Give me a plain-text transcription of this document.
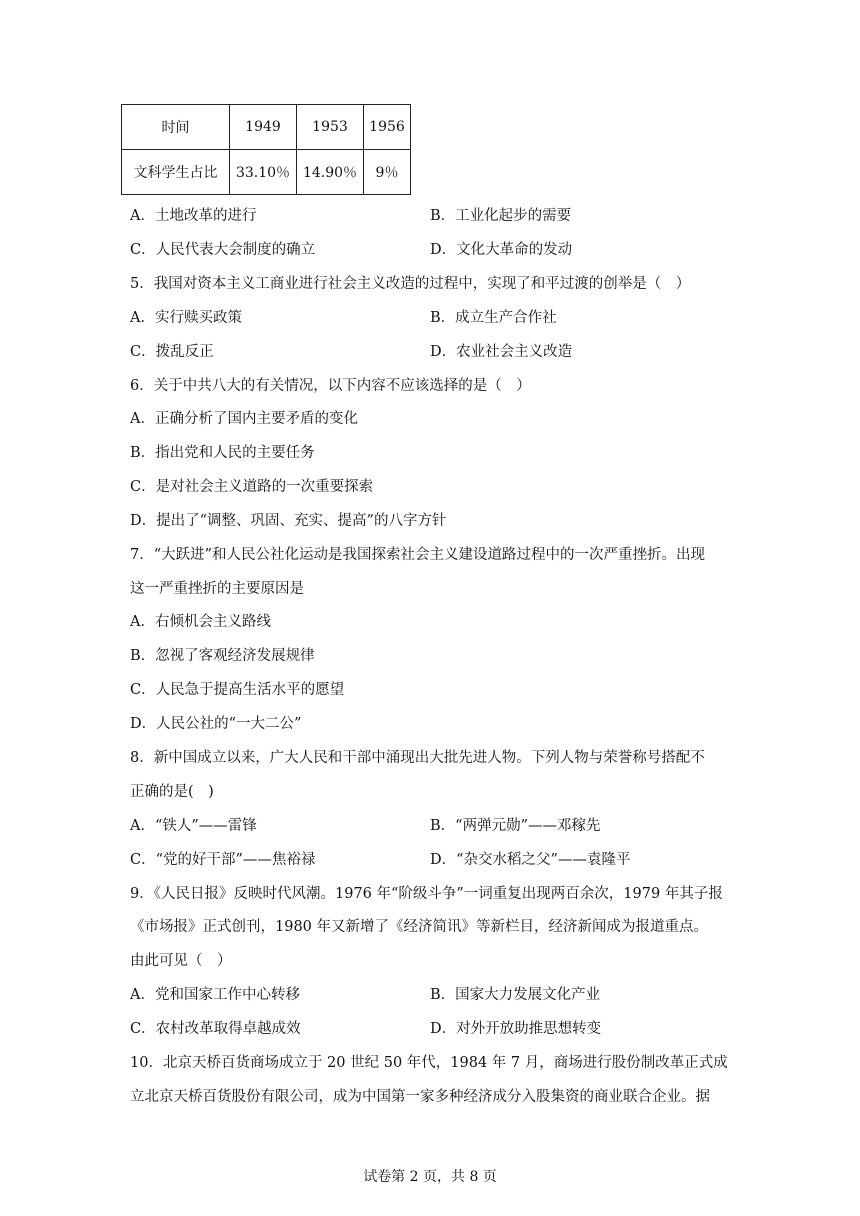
时间	1949	1953	1956
文科学生占比	33.10％	14.90％	9％
A．土地改革的进行	B．工业化起步的需要
C．人民代表大会制度的确立	D．文化大革命的发动
5．我国对资本主义工商业进行社会主义改造的过程中，实现了和平过渡的创举是（　）
A．实行赎买政策	B．成立生产合作社
C．拨乱反正	D．农业社会主义改造
6．关于中共八大的有关情况，以下内容不应该选择的是（　）
A．正确分析了国内主要矛盾的变化
B．指出党和人民的主要任务
C．是对社会主义道路的一次重要探索
D．提出了“调整、巩固、充实、提高”的八字方针
7．“大跃进”和人民公社化运动是我国探索社会主义建设道路过程中的一次严重挫折。出现
这一严重挫折的主要原因是
A．右倾机会主义路线
B．忽视了客观经济发展规律
C．人民急于提高生活水平的愿望
D．人民公社的“一大二公”
8．新中国成立以来，广大人民和干部中涌现出大批先进人物。下列人物与荣誉称号搭配不
正确的是(　)
A．“铁人”——雷锋	B．“两弹元勋”——邓稼先
C．“党的好干部”——焦裕禄	D．“杂交水稻之父”——袁隆平
9．《人民日报》反映时代风潮。1976 年“阶级斗争”一词重复出现两百余次，1979 年其子报
《市场报》正式创刊，1980 年又新增了《经济简讯》等新栏目，经济新闻成为报道重点。
由此可见（　）
A．党和国家工作中心转移	B．国家大力发展文化产业
C．农村改革取得卓越成效	D．对外开放助推思想转变
10．北京天桥百货商场成立于 20 世纪 50 年代，1984 年 7 月，商场进行股份制改革正式成
立北京天桥百货股份有限公司，成为中国第一家多种经济成分入股集资的商业联合企业。据
试卷第 2 页，共 8 页
